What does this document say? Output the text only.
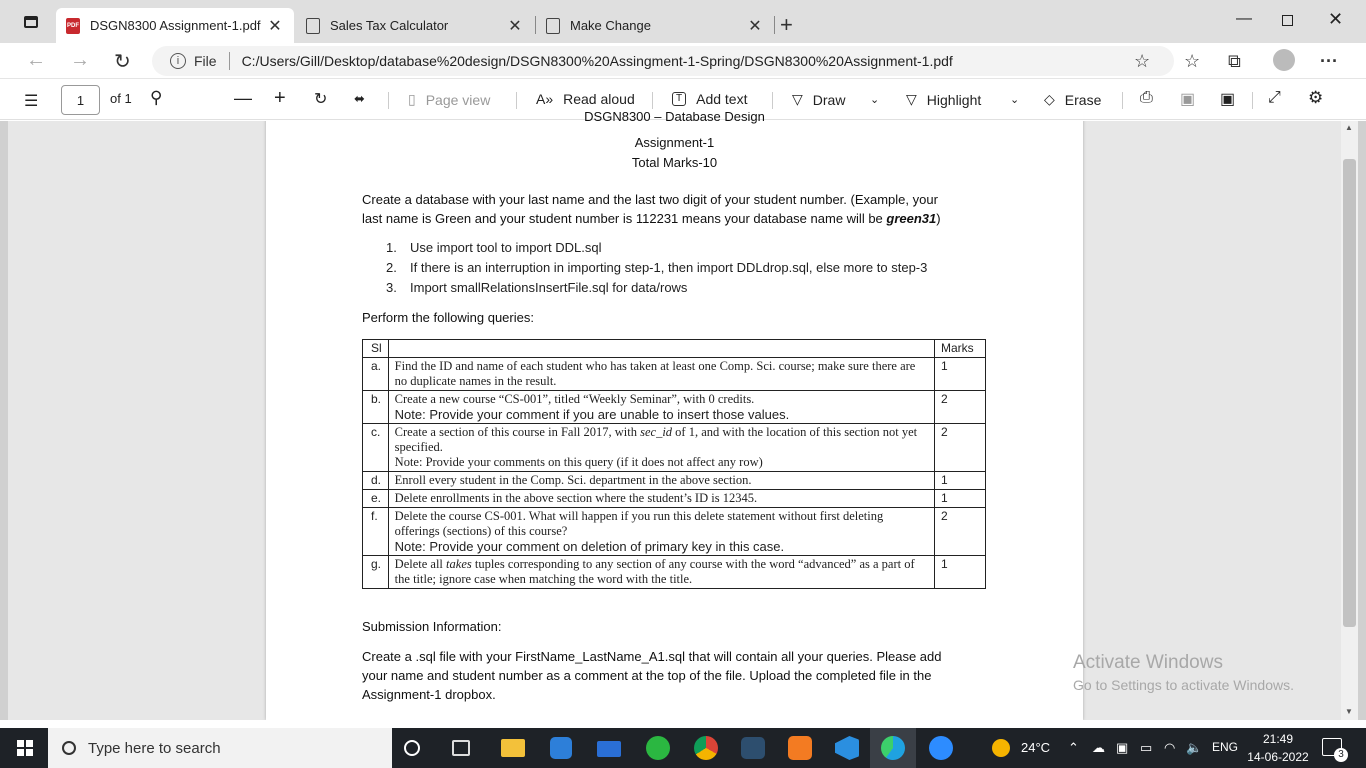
PDF DSGN8300 Assignment-1.pdf ✕	Sales Tax Calculator	✕	Make Change	✕ +	—	✕
← → ↻	i	File C:/Users/Gill/Desktop/database%20design/DSGN8300%20Assingment-1-Spring/DSGN8300%20Assignment-1.pdf	☆ ☆ ⧉	···
☰	of 1 ⚲	— + ↻ ⬌	▯ Page view	A» Read aloud	T Add text	▽ Draw ⌄ ▽ Highlight	⌄ ◇ Erase ⎙ ▣ ▣ ⤢ ⚙
1
▲
▼
DSGN8300 – Database Design
Assignment-1
Total Marks-10
Create a database with your last name and the last two digit of your student number. (Example, your
last name is Green and your student number is 112231 means your database name will be green31)
1. Use import tool to import DDL.sql
2. If there is an interruption in importing step-1, then import DDLdrop.sql, else more to step-3
3. Import smallRelationsInsertFile.sql for data/rows
Perform the following queries:
Sl		Marks
a.	Find the ID and name of each student who has taken at least one Comp. Sci. course; make sure there are no duplicate names in the result.	1
b.	Create a new course “CS-001”, titled “Weekly Seminar”, with 0 credits.
Note: Provide your comment if you are unable to insert those values.	2
c.	Create a section of this course in Fall 2017, with sec_id of 1, and with the location of this section not yet specified.
Note: Provide your comments on this query (if it does not affect any row)	2
d.	Enroll every student in the Comp. Sci. department in the above section.	1
e.	Delete enrollments in the above section where the student’s ID is 12345.	1
f.	Delete the course CS-001. What will happen if you run this delete statement without first deleting offerings (sections) of this course?
Note: Provide your comment on deletion of primary key in this case.	2
g.	Delete all takes tuples corresponding to any section of any course with the word “advanced” as a part of the title; ignore case when matching the word with the title.	1
Submission Information:
Create a .sql file with your FirstName_LastName_A1.sql that will contain all your queries. Please add
your name and student number as a comment at the top of the file. Upload the completed file in the
Assignment-1 dropbox.
Activate Windows
Go to Settings to activate Windows.
Type here to search	24°C ⌃ ☁ ▣ ▭ ◠ 🔈 ENG
21:49
14-06-2022	3
